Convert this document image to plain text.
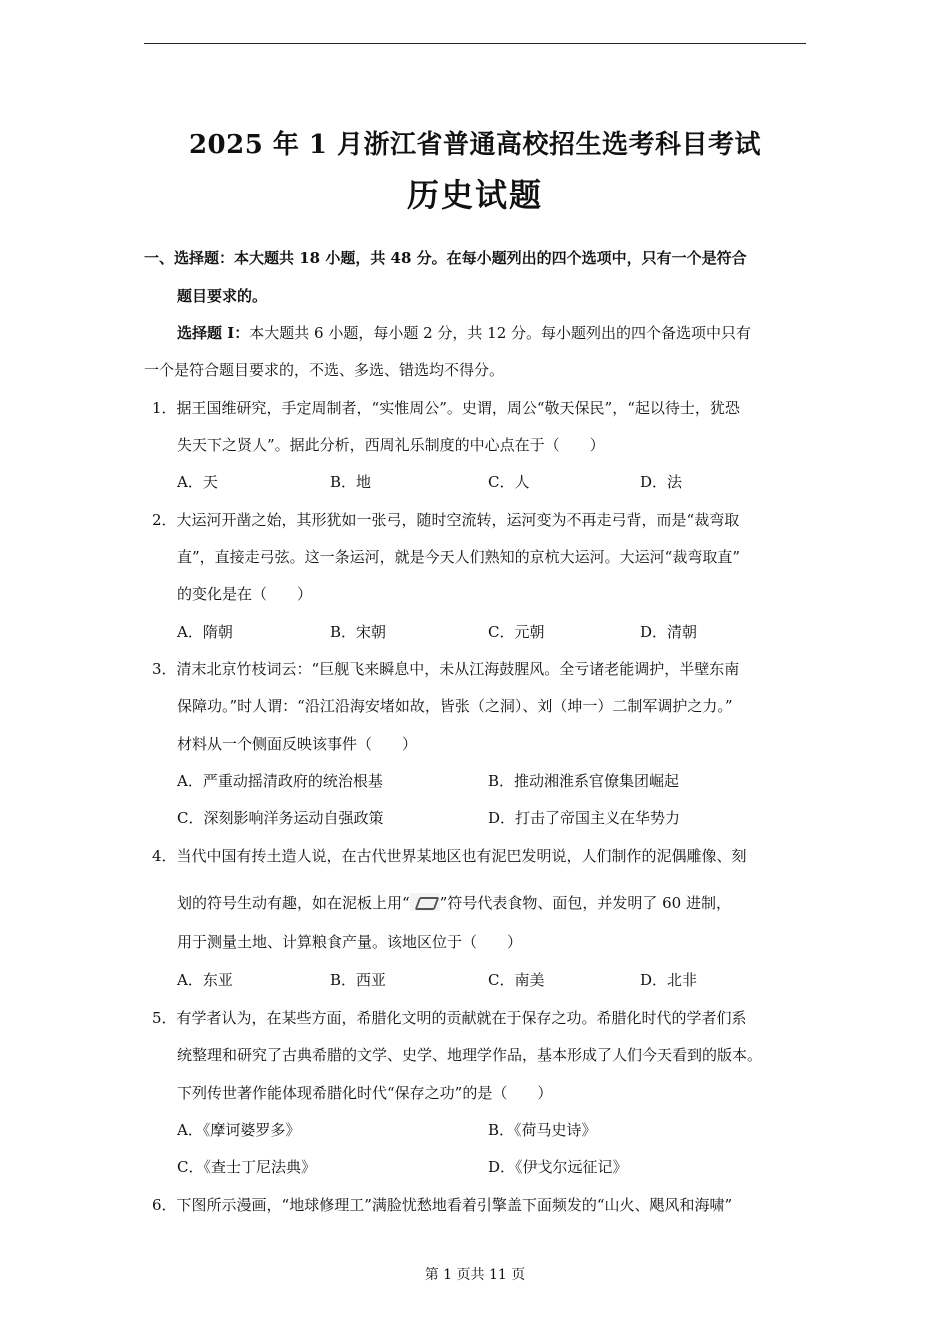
2025 年 1 月浙江省普通高校招生选考科目考试
历史试题
一、选择题：本大题共 18 小题，共 48 分。在每小题列出的四个选项中，只有一个是符合
题目要求的。
选择题 I：本大题共 6 小题，每小题 2 分，共 12 分。每小题列出的四个备选项中只有
一个是符合题目要求的，不选、多选、错选均不得分。
1．据王国维研究，手定周制者，“实惟周公”。史谓，周公“敬天保民”，“起以待士，犹恐
失天下之贤人”。据此分析，西周礼乐制度的中心点在于（　　）
A．天	B．地	C．人	D．法
2．大运河开凿之始，其形犹如一张弓，随时空流转，运河变为不再走弓背，而是“裁弯取
直”，直接走弓弦。这一条运河，就是今天人们熟知的京杭大运河。大运河“裁弯取直”
的变化是在（　　）
A．隋朝	B．宋朝	C．元朝	D．清朝
3．清末北京竹枝词云：“巨舰飞来瞬息中，未从江海鼓腥风。全亏诸老能调护，半壁东南
保障功。”时人谓：“沿江沿海安堵如故，皆张（之洞）、刘（坤一）二制军调护之力。”
材料从一个侧面反映该事件（　　）
A．严重动摇清政府的统治根基	B．推动湘淮系官僚集团崛起
C．深刻影响洋务运动自强政策	D．打击了帝国主义在华势力
4．当代中国有抟土造人说，在古代世界某地区也有泥巴发明说，人们制作的泥偶雕像、刻
划的符号生动有趣，如在泥板上用“ ”符号代表食物、面包，并发明了 60 进制，
用于测量土地、计算粮食产量。该地区位于（　　）
A．东亚	B．西亚	C．南美	D．北非
5．有学者认为，在某些方面，希腊化文明的贡献就在于保存之功。希腊化时代的学者们系
统整理和研究了古典希腊的文学、史学、地理学作品，基本形成了人们今天看到的版本。
下列传世著作能体现希腊化时代“保存之功”的是（　　）
A．《摩诃婆罗多》	B．《荷马史诗》
C．《查士丁尼法典》	D．《伊戈尔远征记》
6．下图所示漫画，“地球修理工”满脸忧愁地看着引擎盖下面频发的“山火、飓风和海啸”
第 1 页共 11 页
